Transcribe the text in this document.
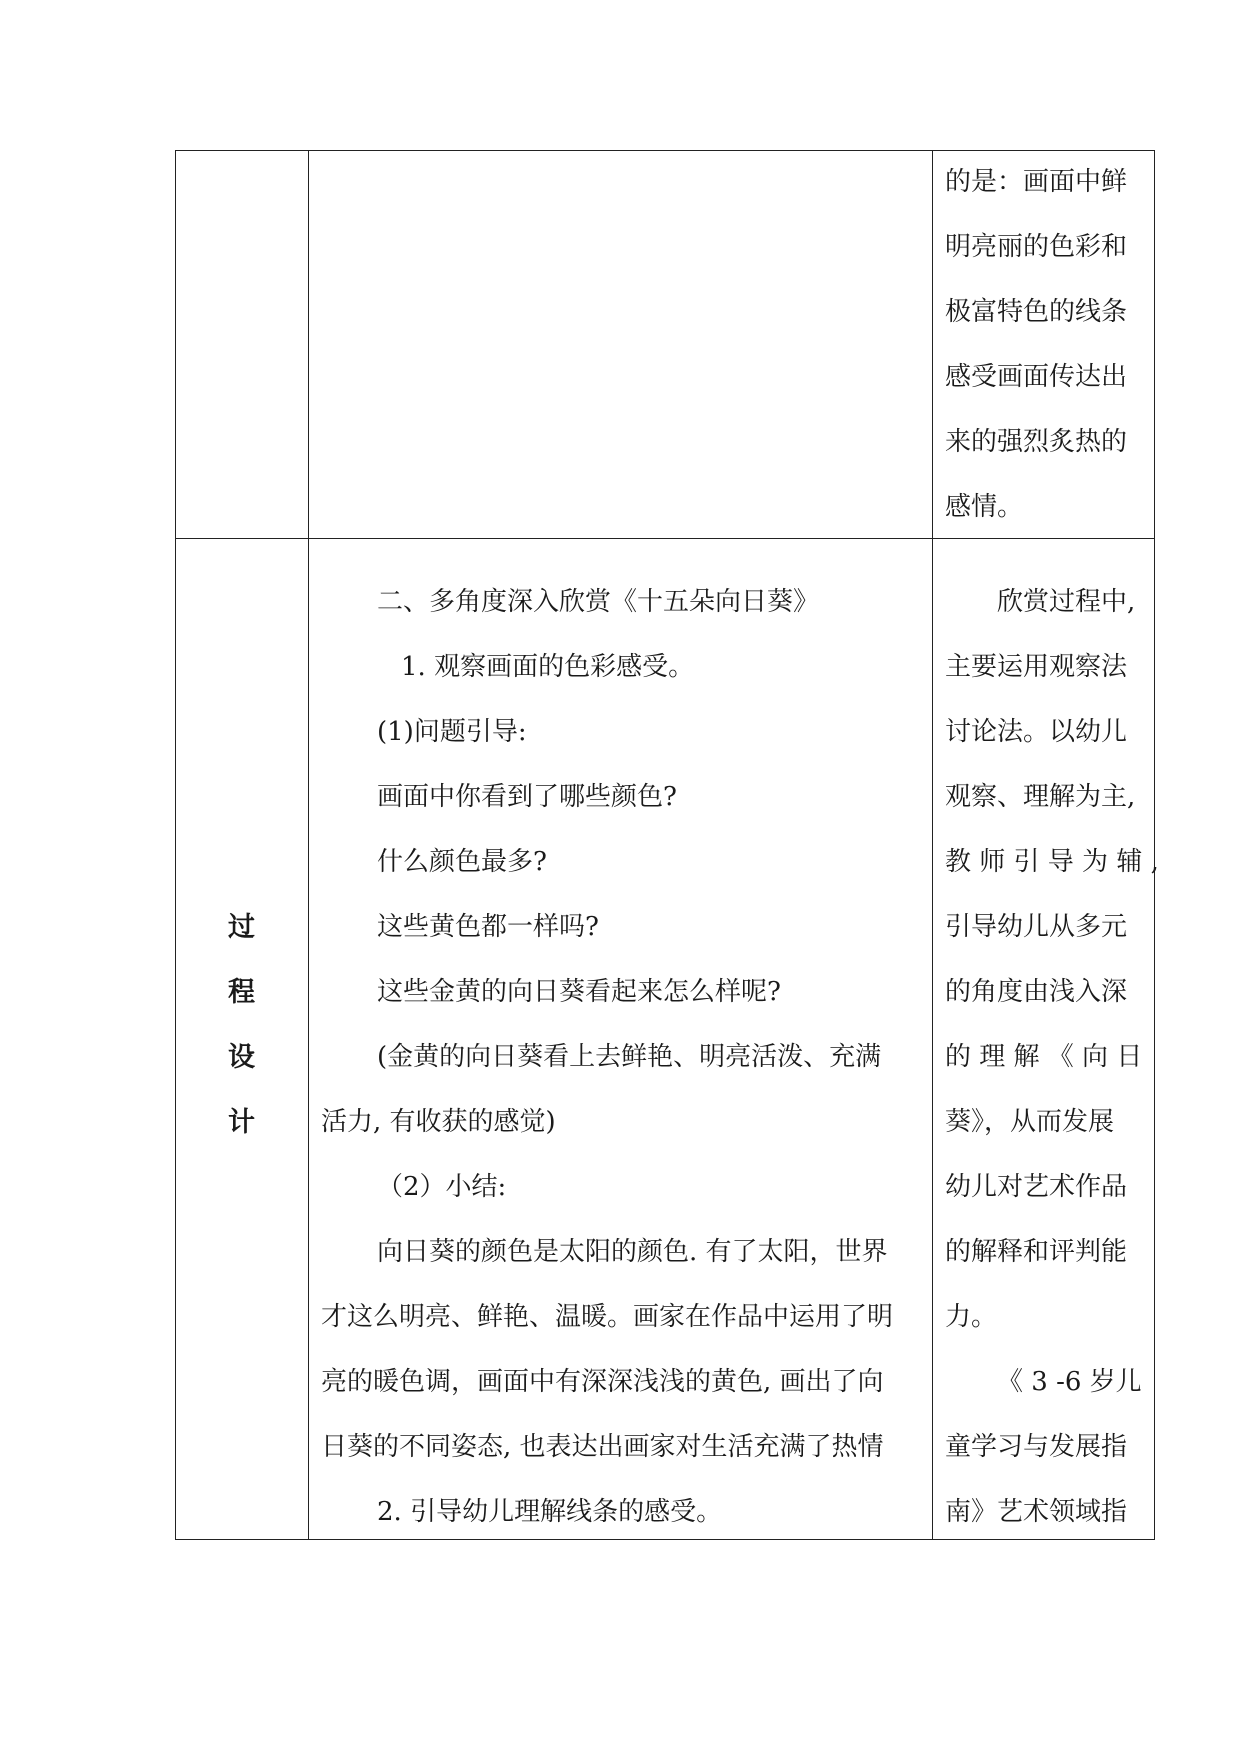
的是：画面中鲜
明亮丽的色彩和
极富特色的线条
感受画面传达出
来的强烈炙热的
感情。
过
程
设
计
二、多角度深入欣赏《十五朵向日葵》
1. 观察画面的色彩感受。
(1)问题引导:
画面中你看到了哪些颜色?
什么颜色最多?
这些黄色都一样吗?
这些金黄的向日葵看起来怎么样呢?
(金黄的向日葵看上去鲜艳、明亮活泼、充满
活力, 有收获的感觉)
（2）小结:
向日葵的颜色是太阳的颜色. 有了太阳，世界
才这么明亮、鲜艳、温暖。画家在作品中运用了明
亮的暖色调，画面中有深深浅浅的黄色, 画出了向
日葵的不同姿态, 也表达出画家对生活充满了热情
2. 引导幼儿理解线条的感受。
欣赏过程中,
主要运用观察法
讨论法。以幼儿
观察、理解为主,
教 师 引 导 为 辅 ,
引导幼儿从多元
的角度由浅入深
的 理 解 《 向 日
葵》，从而发展
幼儿对艺术作品
的解释和评判能
力。
《 3 -6 岁儿
童学习与发展指
南》艺术领域指
